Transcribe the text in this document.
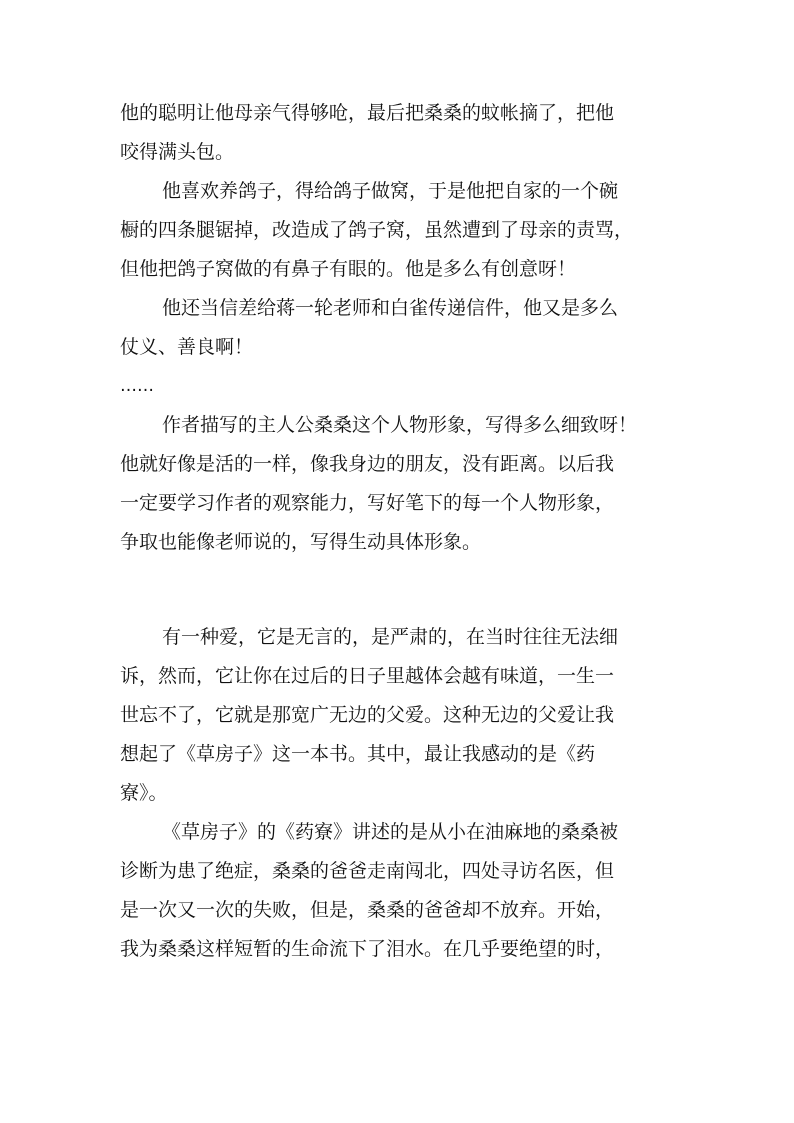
他的聪明让他母亲气得够呛，最后把桑桑的蚊帐摘了，把他
咬得满头包。
他喜欢养鸽子，得给鸽子做窝，于是他把自家的一个碗
橱的四条腿锯掉，改造成了鸽子窝，虽然遭到了母亲的责骂，
但他把鸽子窝做的有鼻子有眼的。他是多么有创意呀！
他还当信差给蒋一轮老师和白雀传递信件，他又是多么
仗义、善良啊！
……
作者描写的主人公桑桑这个人物形象，写得多么细致呀！
他就好像是活的一样，像我身边的朋友，没有距离。以后我
一定要学习作者的观察能力，写好笔下的每一个人物形象，
争取也能像老师说的，写得生动具体形象。
有一种爱，它是无言的，是严肃的，在当时往往无法细
诉，然而，它让你在过后的日子里越体会越有味道，一生一
世忘不了，它就是那宽广无边的父爱。这种无边的父爱让我
想起了《草房子》这一本书。其中，最让我感动的是《药
寮》。
《草房子》的《药寮》讲述的是从小在油麻地的桑桑被
诊断为患了绝症，桑桑的爸爸走南闯北，四处寻访名医，但
是一次又一次的失败，但是，桑桑的爸爸却不放弃。开始，
我为桑桑这样短暂的生命流下了泪水。在几乎要绝望的时，
